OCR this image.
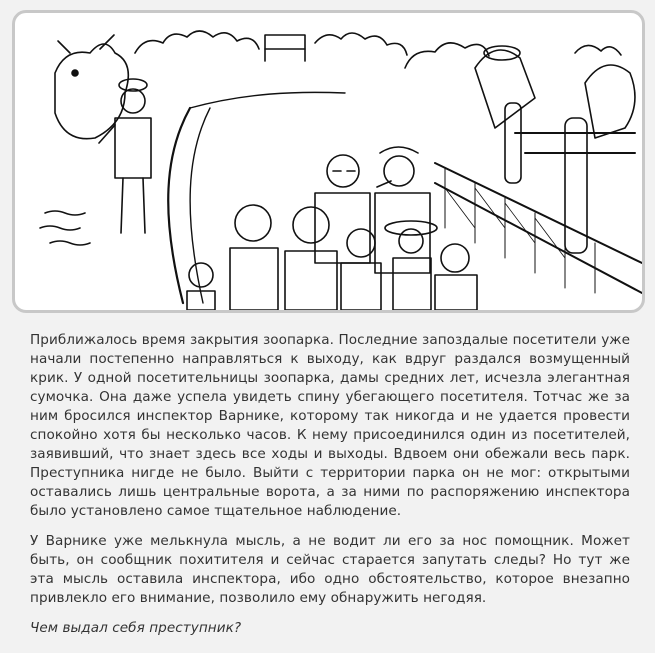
Приближалось время закрытия зоопарка. Последние запоздалые посетители уже начали постепенно направляться к выходу, как вдруг раздался возмущенный крик. У одной посетительницы зоопарка, дамы средних лет, исчезла элегантная сумочка. Она даже успела увидеть спину убегающего посетителя. Тотчас же за ним бросился инспектор Варнике, которому так никогда и не удается провести спокойно хотя бы несколько часов. К нему присоединился один из посетителей, заявивший, что знает здесь все ходы и выходы. Вдвоем они обежали весь парк. Преступника нигде не было. Выйти с территории парка он не мог: открытыми оставались лишь центральные ворота, а за ними по распоряжению инспектора было установлено самое тщательное наблюдение.

У Варнике уже мелькнула мысль, а не водит ли его за нос помощник. Может быть, он сообщник похитителя и сейчас старается запутать следы? Но тут же эта мысль оставила инспектора, ибо одно обстоятельство, которое внезапно привлекло его внимание, позволило ему обнаружить негодяя.

Чем выдал себя преступник?
